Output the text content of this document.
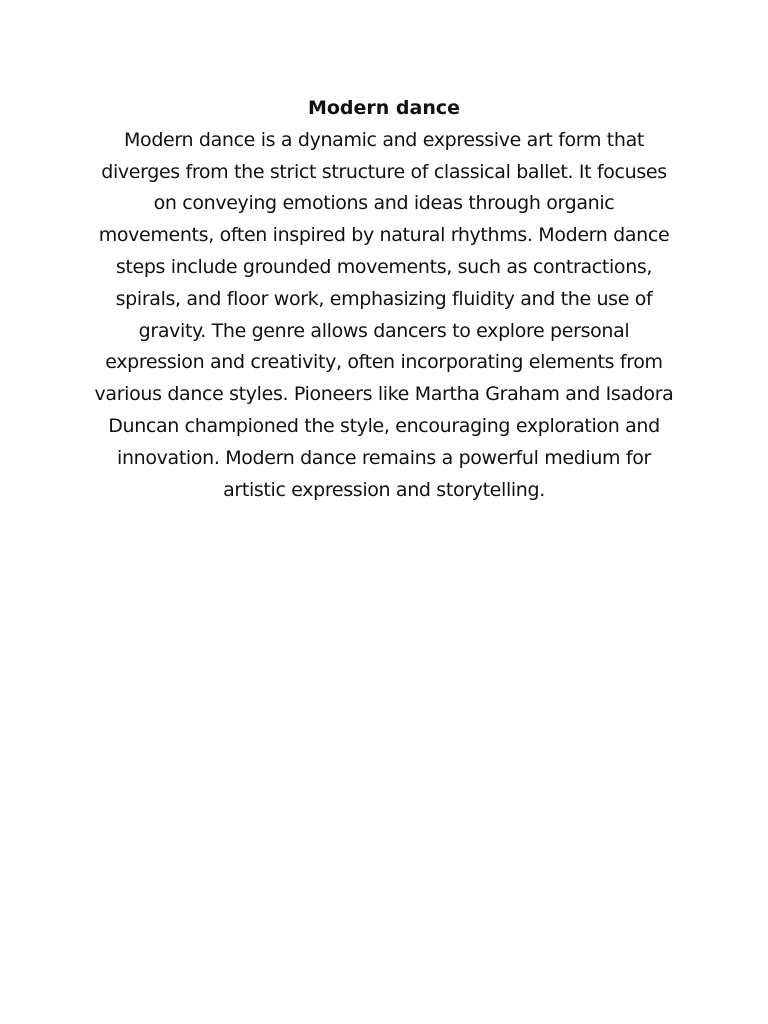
Modern dance

Modern dance is a dynamic and expressive art form that diverges from the strict structure of classical ballet. It focuses on conveying emotions and ideas through organic movements, often inspired by natural rhythms. Modern dance steps include grounded movements, such as contractions, spirals, and floor work, emphasizing fluidity and the use of gravity. The genre allows dancers to explore personal expression and creativity, often incorporating elements from various dance styles. Pioneers like Martha Graham and Isadora Duncan championed the style, encouraging exploration and innovation. Modern dance remains a powerful medium for artistic expression and storytelling.
